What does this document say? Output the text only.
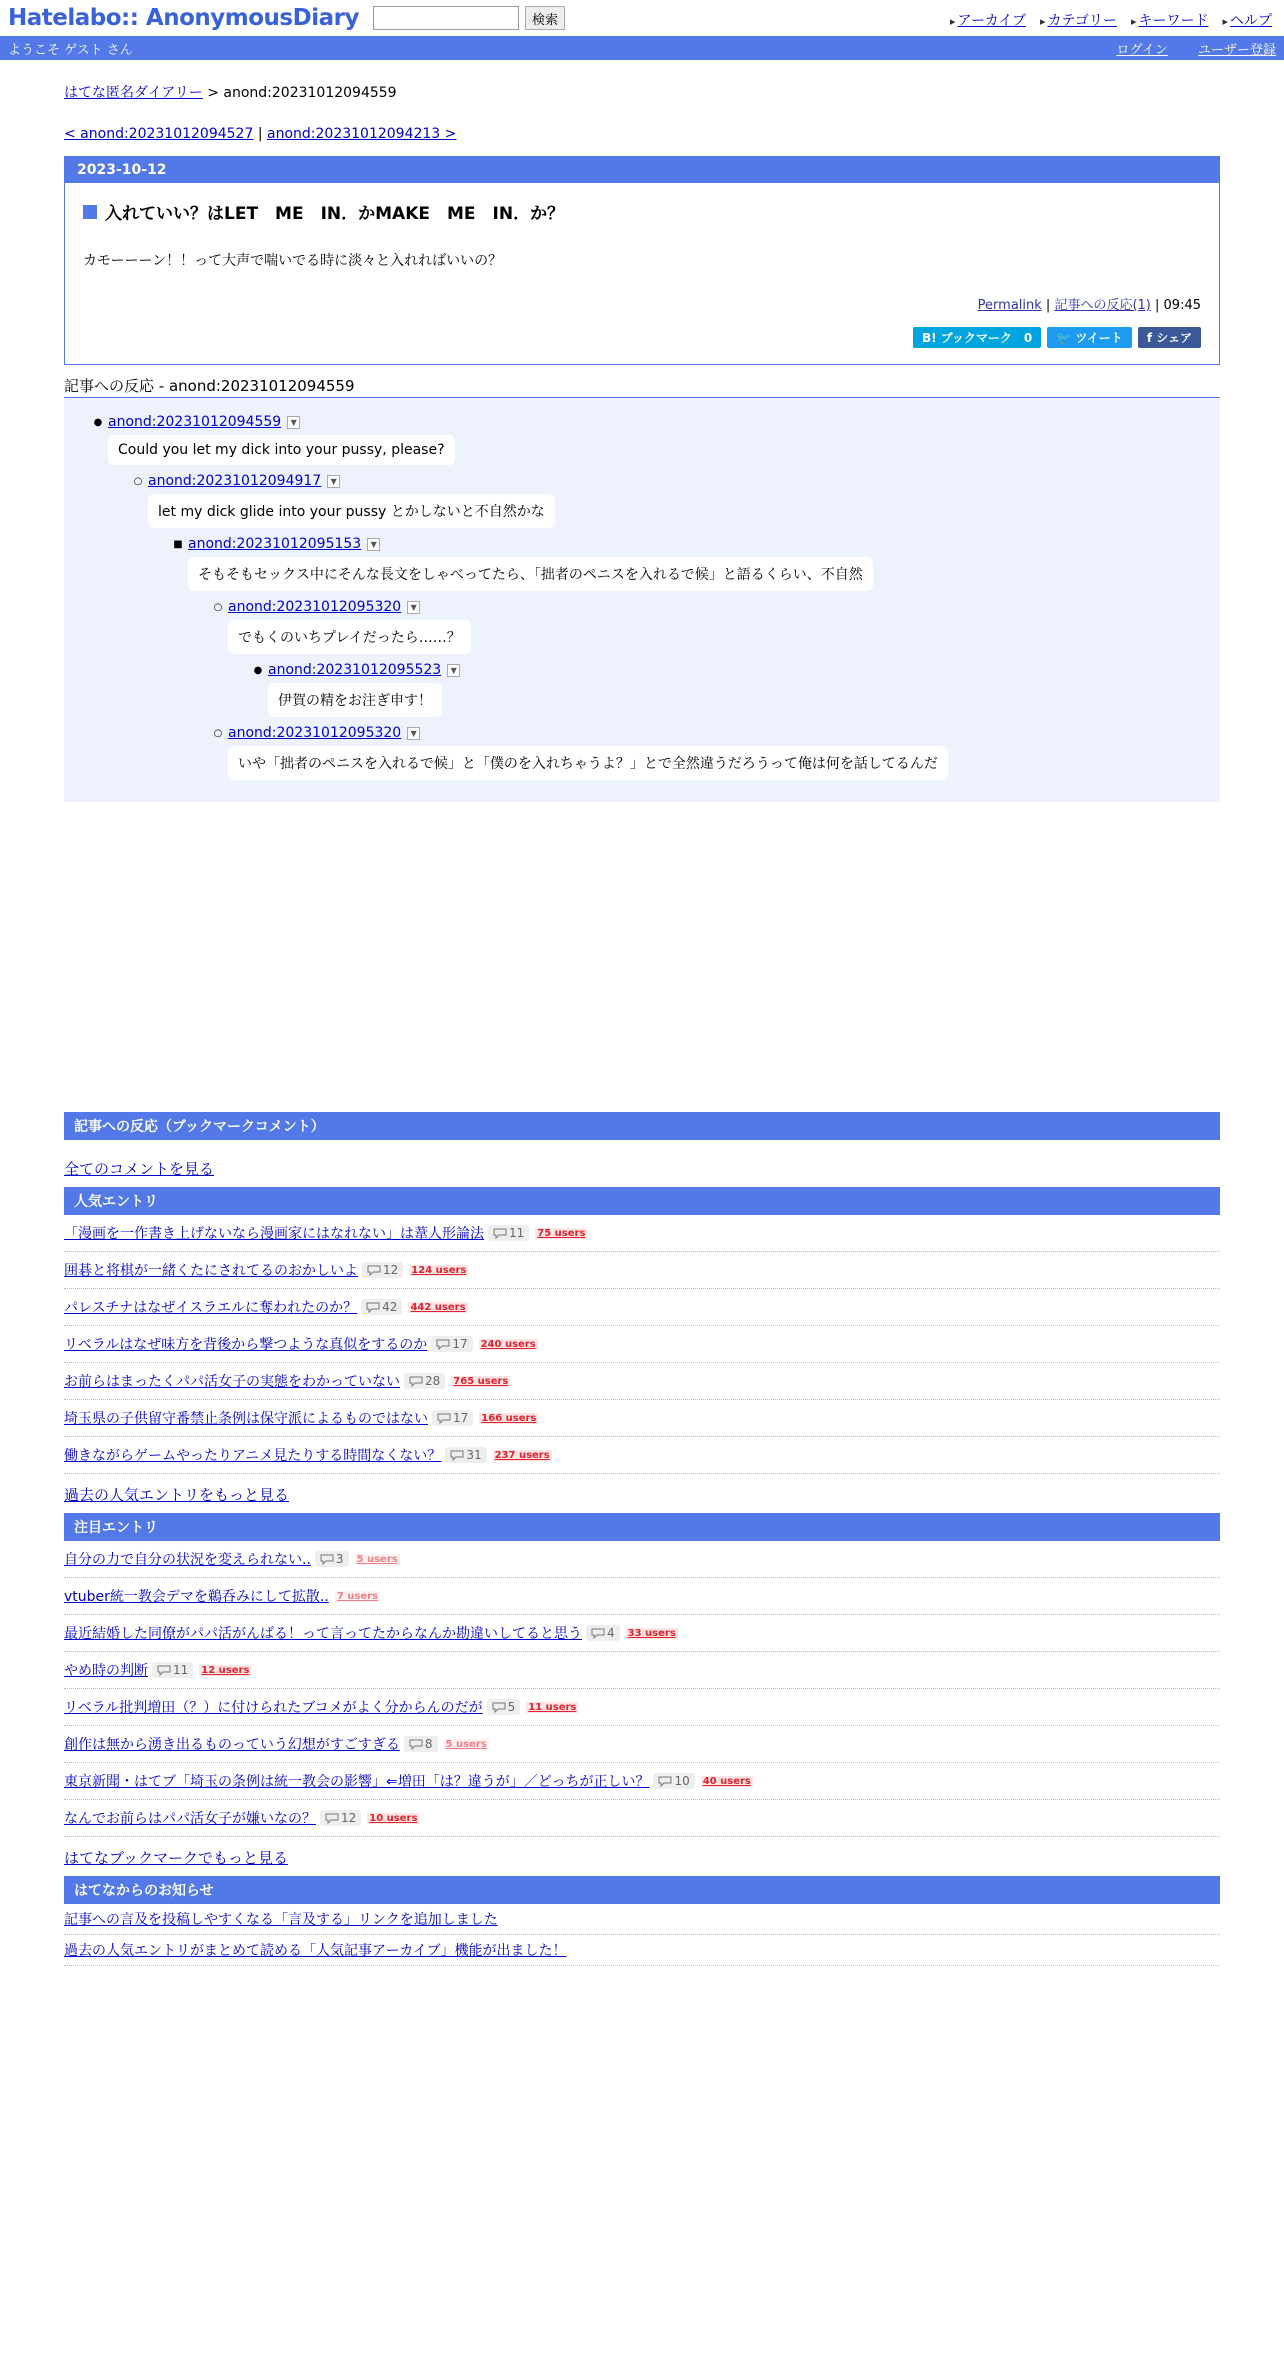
Hatelabo:: AnonymousDiary	検索	▸ アーカイブ	▸ カテゴリー	▸ キーワード	▸ ヘルプ
ようこそ ゲスト さん	ログイン ユーザー登録
はてな匿名ダイアリー > anond:20231012094559
< anond:20231012094527 | anond:20231012094213 >
2023-10-12
入れていい？はLET　ME　IN．かMAKE　ME　IN．か？
カモーーーン！！って大声で喘いでる時に淡々と入れればいいの？
Permalink | 記事への反応(1) | 09:45
B! ブックマーク　0	🐦 ツイート	f シェア
記事への反応 - anond:20231012094559
● anond:20231012094559	▼
Could you let my dick into your pussy, please?
○ anond:20231012094917	▼
let my dick glide into your pussy とかしないと不自然かな
■ anond:20231012095153	▼
そもそもセックス中にそんな長文をしゃべってたら、「拙者のペニスを入れるで候」と語るくらい、不自然
○ anond:20231012095320	▼
でもくのいちプレイだったら……？
● anond:20231012095523	▼
伊賀の精をお注ぎ申す！
○ anond:20231012095320	▼
いや「拙者のペニスを入れるで候」と「僕のを入れちゃうよ？」とで全然違うだろうって俺は何を話してるんだ
記事への反応（ブックマークコメント）
全てのコメントを見る
人気エントリ
「漫画を一作書き上げないなら漫画家にはなれない」は葦人形論法 11 75 users
囲碁と将棋が一緒くたにされてるのおかしいよ 12 124 users
パレスチナはなぜイスラエルに奪われたのか？ 42 442 users
リベラルはなぜ味方を背後から撃つような真似をするのか 17 240 users
お前らはまったくパパ活女子の実態をわかっていない 28 765 users
埼玉県の子供留守番禁止条例は保守派によるものではない 17 166 users
働きながらゲームやったりアニメ見たりする時間なくない？ 31 237 users
過去の人気エントリをもっと見る
注目エントリ
自分の力で自分の状況を変えられない.. 3 5 users
vtuber統一教会デマを鵜呑みにして拡散.. 7 users
最近結婚した同僚がパパ活がんばる！って言ってたからなんか勘違いしてると思う 4 33 users
やめ時の判断 11 12 users
リベラル批判増田（？）に付けられたブコメがよく分からんのだが 5 11 users
創作は無から湧き出るものっていう幻想がすごすぎる 8 5 users
東京新聞・はてブ「埼玉の条例は統一教会の影響」⇐増田「は？違うが」／どっちが正しい？ 10 40 users
なんでお前らはパパ活女子が嫌いなの？ 12 10 users
はてなブックマークでもっと見る
はてなからのお知らせ
記事への言及を投稿しやすくなる「言及する」リンクを追加しました
過去の人気エントリがまとめて読める「人気記事アーカイブ」機能が出ました！
